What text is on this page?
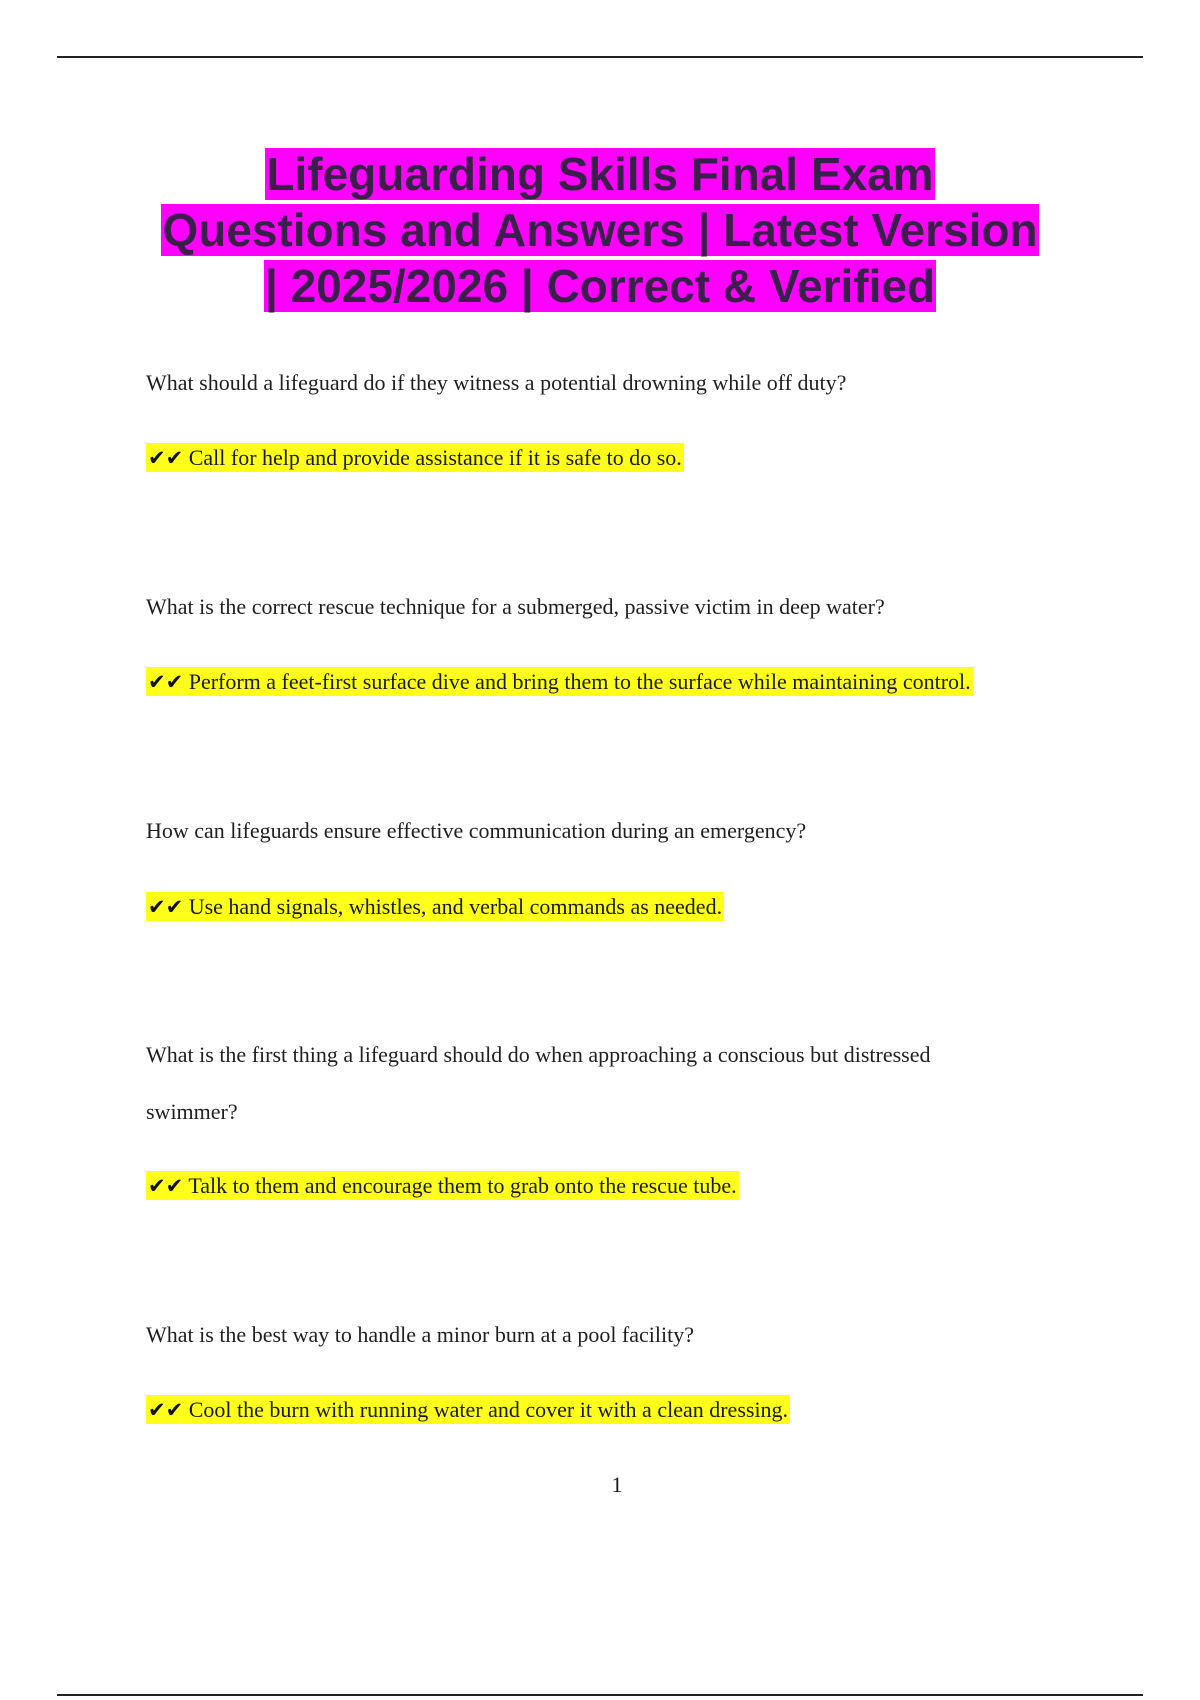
Lifeguarding Skills Final Exam
Questions and Answers | Latest Version
| 2025/2026 | Correct & Verified

What should a lifeguard do if they witness a potential drowning while off duty?

✔✔ Call for help and provide assistance if it is safe to do so.

What is the correct rescue technique for a submerged, passive victim in deep water?

✔✔ Perform a feet-first surface dive and bring them to the surface while maintaining control.

How can lifeguards ensure effective communication during an emergency?

✔✔ Use hand signals, whistles, and verbal commands as needed.

What is the first thing a lifeguard should do when approaching a conscious but distressed swimmer?

✔✔ Talk to them and encourage them to grab onto the rescue tube.

What is the best way to handle a minor burn at a pool facility?

✔✔ Cool the burn with running water and cover it with a clean dressing.

1
